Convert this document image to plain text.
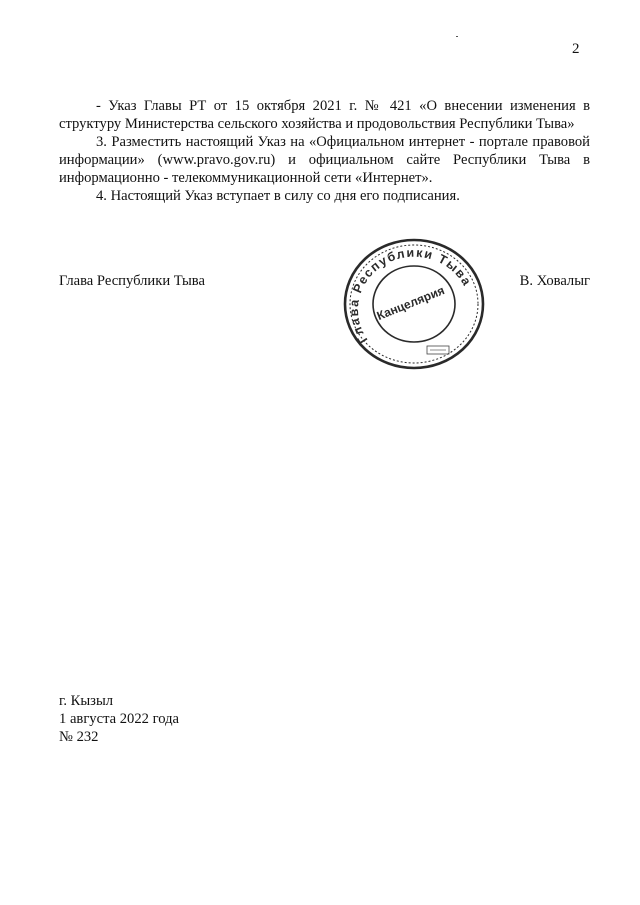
2

- Указ Главы РТ от 15 октября 2021 г. № 421 «О внесении изменения в структуру Министерства сельского хозяйства и продовольствия Республики Тыва»

3. Разместить настоящий Указ на «Официальном интернет - портале правовой информации» (www.pravo.gov.ru) и официальном сайте Республики Тыва в информационно - телекоммуникационной сети «Интернет».

4. Настоящий Указ вступает в силу со дня его подписания.

Глава Республики Тыва	В. Ховалыг
Глава Республики Тыва
Канцелярия
г. Кызыл
1 августа 2022 года
№ 232
